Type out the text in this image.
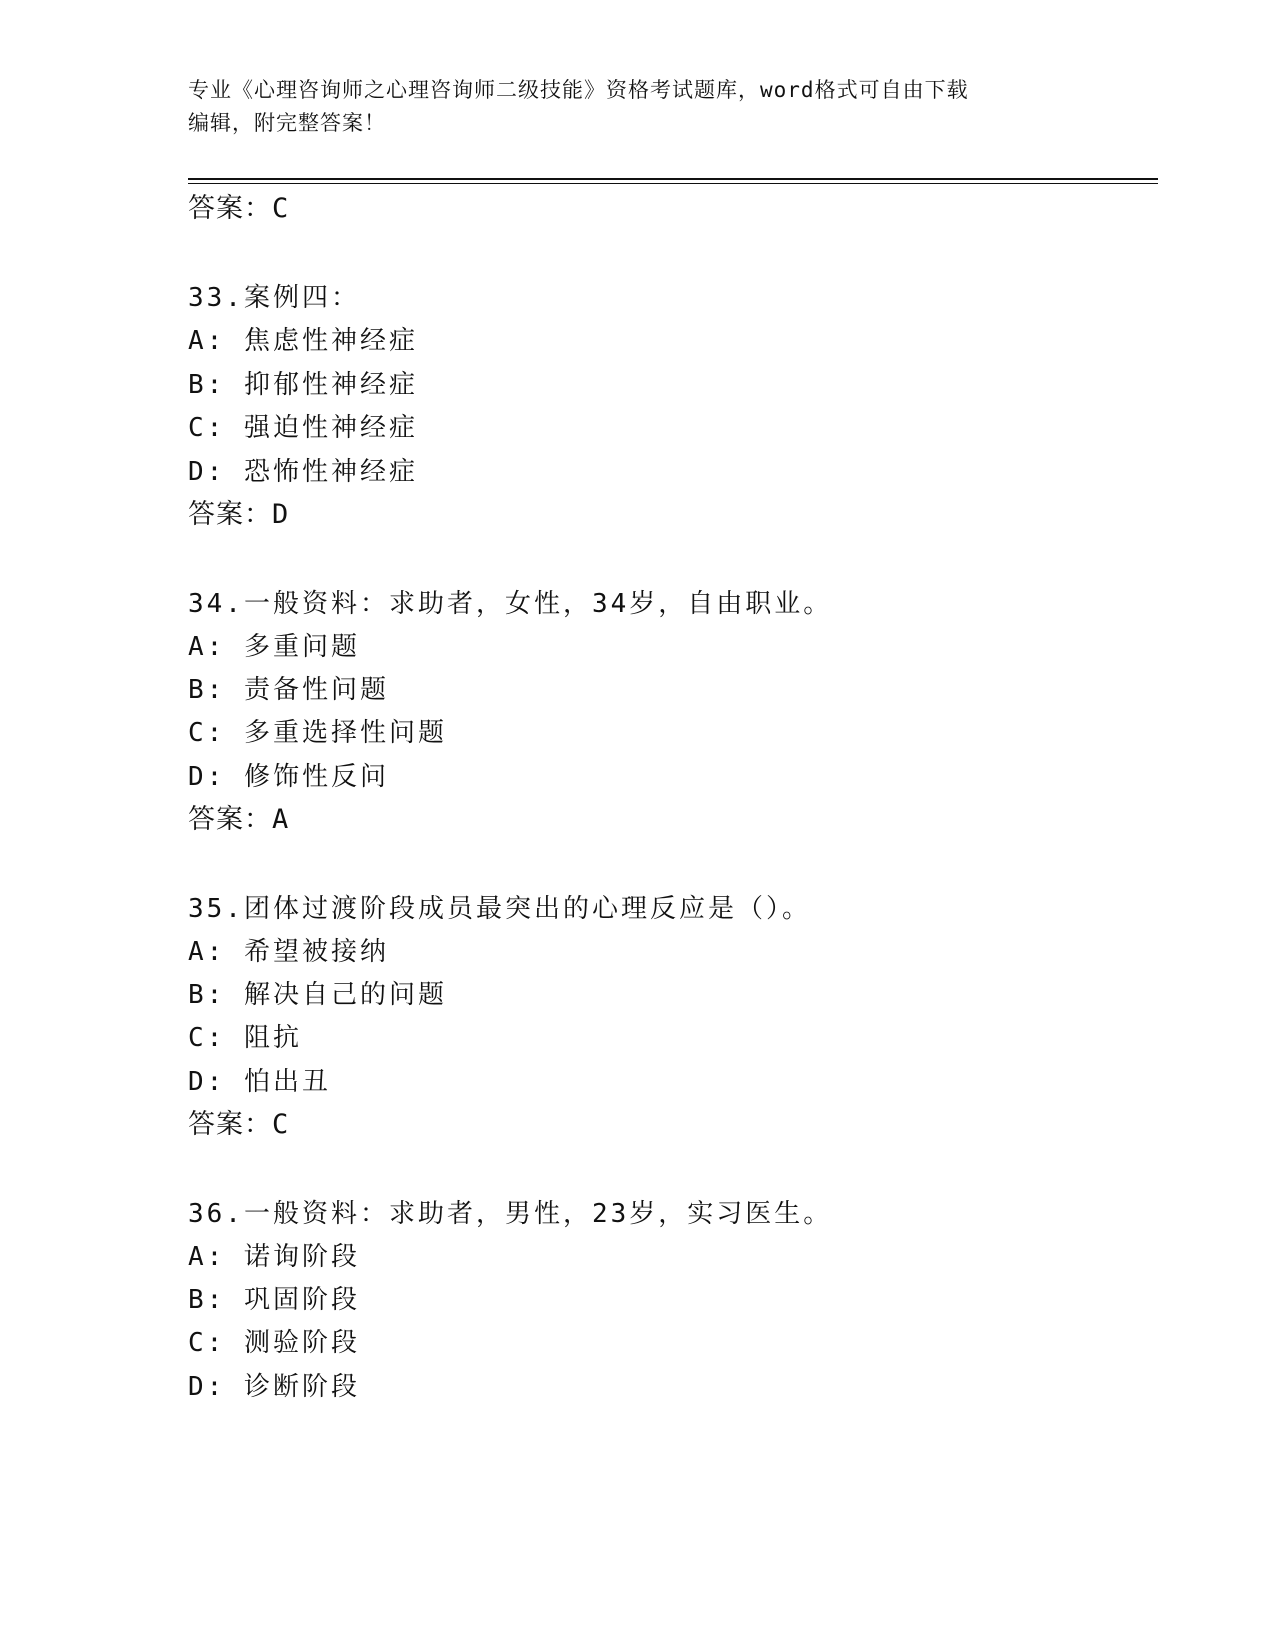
专业《心理咨询师之心理咨询师二级技能》资格考试题库，word格式可自由下载
编辑，附完整答案！
答案：C
33.案例四：
A: 焦虑性神经症
B: 抑郁性神经症
C: 强迫性神经症
D: 恐怖性神经症
答案：D
34.一般资料：求助者，女性，34岁，自由职业。
A: 多重问题
B: 责备性问题
C: 多重选择性问题
D: 修饰性反问
答案：A
35.团体过渡阶段成员最突出的心理反应是（）。
A: 希望被接纳
B: 解决自己的问题
C: 阻抗
D: 怕出丑
答案：C
36.一般资料：求助者，男性，23岁，实习医生。
A: 诺询阶段
B: 巩固阶段
C: 测验阶段
D: 诊断阶段
